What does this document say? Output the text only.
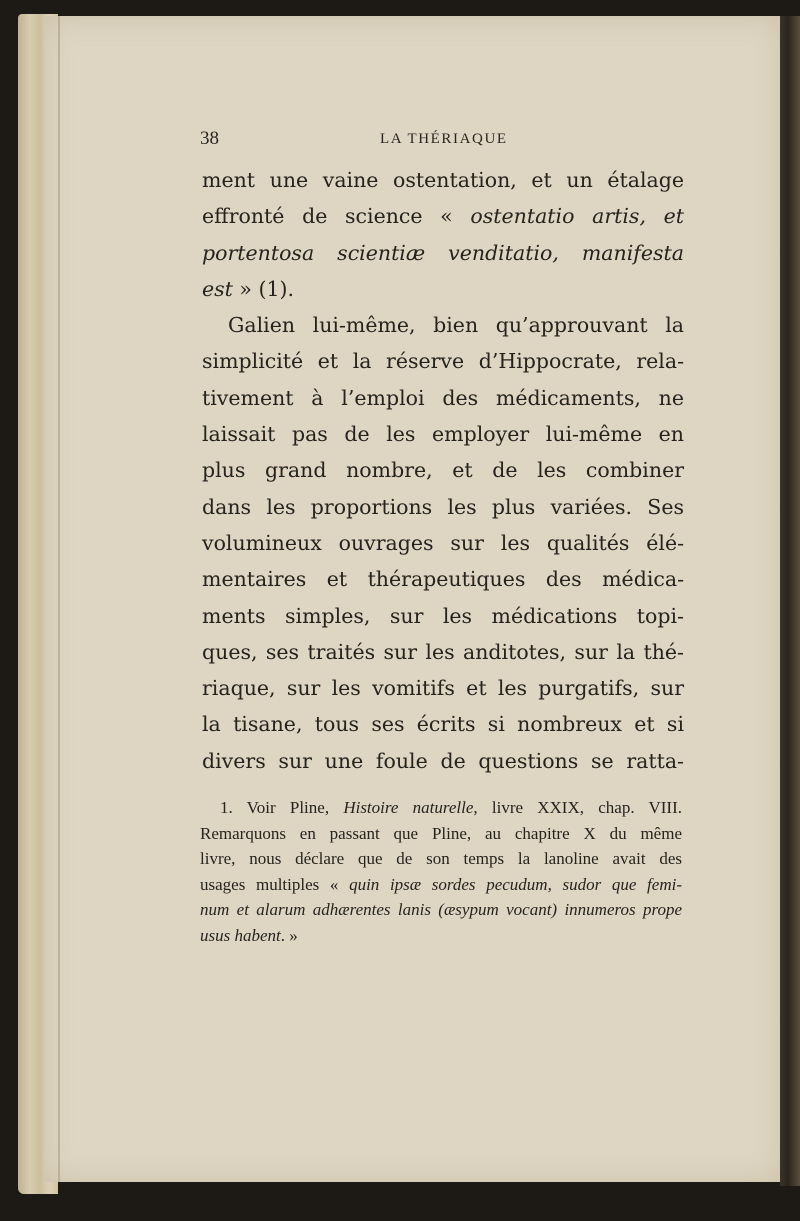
38	LA THÉRIAQUE
ment une vaine ostentation, et un étalage
effronté de science « ostentatio artis, et
portentosa scientiæ venditatio, manifesta
est » (1).
Galien lui-même, bien qu’approuvant la
simplicité et la réserve d’Hippocrate, rela-
tivement à l’emploi des médicaments, ne
laissait pas de les employer lui-même en
plus grand nombre, et de les combiner
dans les proportions les plus variées. Ses
volumineux ouvrages sur les qualités élé-
mentaires et thérapeutiques des médica-
ments simples, sur les médications topi-
ques, ses traités sur les anditotes, sur la thé-
riaque, sur les vomitifs et les purgatifs, sur
la tisane, tous ses écrits si nombreux et si
divers sur une foule de questions se ratta-
1. Voir Pline, Histoire naturelle, livre XXIX, chap. VIII.
Remarquons en passant que Pline, au chapitre X du même
livre, nous déclare que de son temps la lanoline avait des
usages multiples « quin ipsæ sordes pecudum, sudor que femi-
num et alarum adhærentes lanis (æsypum vocant) innumeros prope
usus habent. »
